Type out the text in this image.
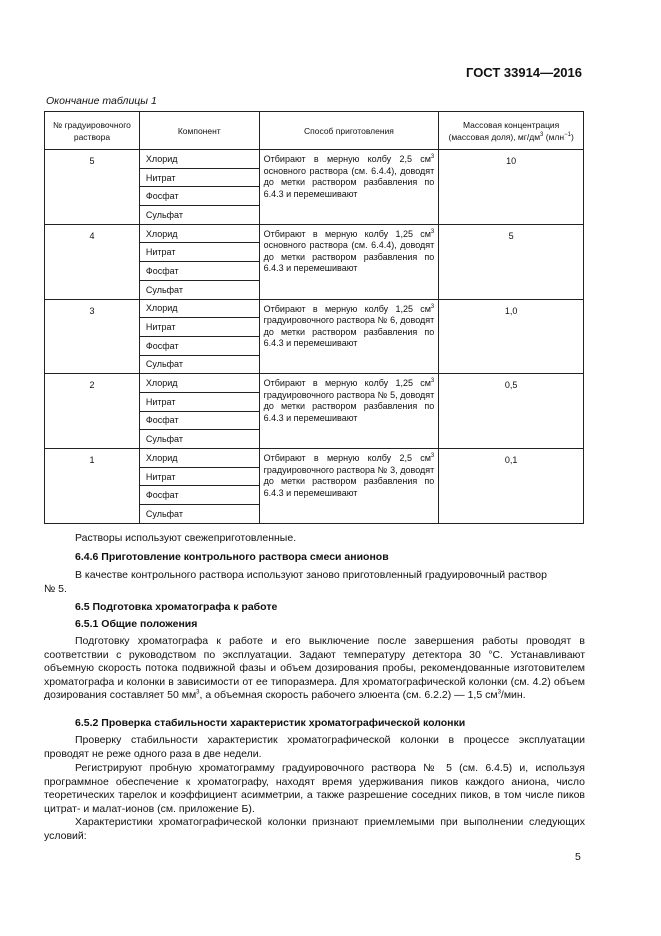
ГОСТ 33914—2016
Окончание таблицы 1
№ градуировочного раствора	Компонент	Способ приготовления	Массовая концентрация (массовая доля), $мг/дм^3$ (млн$^{-1}$)
5	Хлорид	Отбирают в мерную колбу 2,5 $см^3$ основного раствора (см. 6.4.4), доводят до метки раствором разбавления по 6.4.3 и перемешивают	10
	Нитрат		
	Фосфат		
	Сульфат		
4	Хлорид	Отбирают в мерную колбу 1,25 $см^3$ основного раствора (см. 6.4.4), доводят до метки раствором разбавления по 6.4.3 и перемешивают	5
	Нитрат		
	Фосфат		
	Сульфат		
3	Хлорид	Отбирают в мерную колбу 1,25 $см^3$ градуировочного раствора № 6, доводят до метки раствором разбавления по 6.4.3 и перемешивают	1,0
	Нитрат		
	Фосфат		
	Сульфат		
2	Хлорид	Отбирают в мерную колбу 1,25 $см^3$ градуировочного раствора № 5, доводят до метки раствором разбавления по 6.4.3 и перемешивают	0,5
	Нитрат		
	Фосфат		
	Сульфат		
1	Хлорид	Отбирают в мерную колбу 2,5 $см^3$ градуировочного раствора № 3, доводят до метки раствором разбавления по 6.4.3 и перемешивают	0,1
	Нитрат		
	Фосфат		
	Сульфат		

Растворы используют свежеприготовленные.

6.4.6 Приготовление контрольного раствора смеси анионов

В качестве контрольного раствора используют заново приготовленный градуировочный раствор

№ 5.

6.5 Подготовка хроматографа к работе

6.5.1 Общие положения

Подготовку хроматографа к работе и его выключение после завершения работы проводят в соответствии с руководством по эксплуатации. Задают температуру детектора 30 °C. Устанавливают объемную скорость потока подвижной фазы и объем дозирования пробы, рекомендованные изготовителем хроматографа и колонки в зависимости от ее типоразмера. Для хроматографической колонки (см. 4.2) объем дозирования составляет 50 $мм^3$, а объемная скорость рабочего элюента (см. 6.2.2) — 1,5 $см^3$/мин.

6.5.2 Проверка стабильности характеристик хроматографической колонки

Проверку стабильности характеристик хроматографической колонки в процессе эксплуатации проводят не реже одного раза в две недели.

Регистрируют пробную хроматограмму градуировочного раствора № 5 (см. 6.4.5) и, используя программное обеспечение к хроматографу, находят время удерживания пиков каждого аниона, число теоретических тарелок и коэффициент асимметрии, а также разрешение соседних пиков, в том числе пиков цитрат- и малат-ионов (см. приложение Б).

Характеристики хроматографической колонки признают приемлемыми при выполнении следующих условий:

5
